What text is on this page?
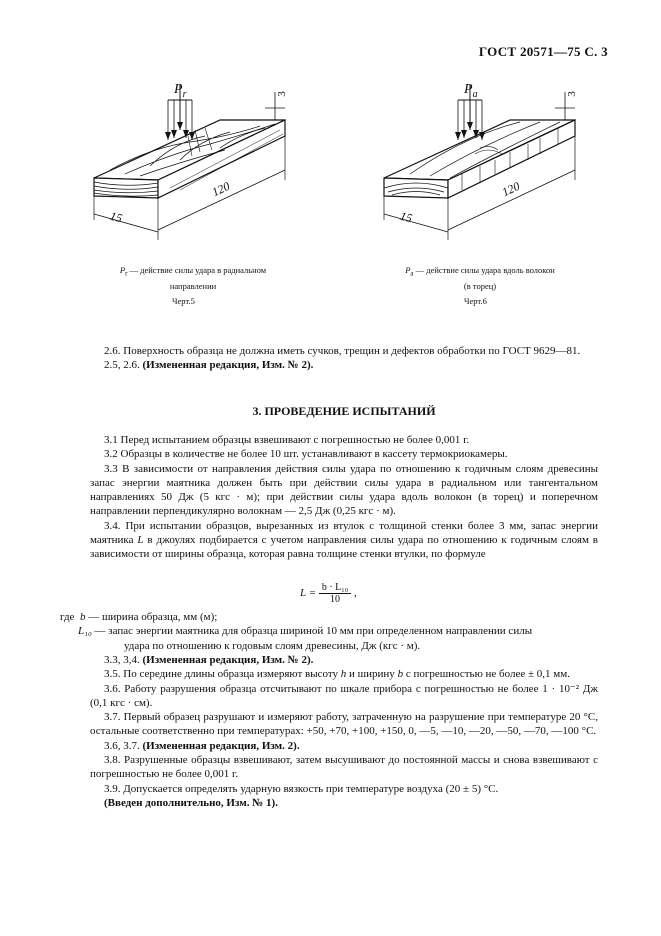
ГОСТ 20571—75 С. 3
$P_r$	3
120
15
$P_r$ — действие силы удара в радиальном
направлении
Черт.5
$P_a$	3
120
15
$P_a$ — действие силы удара вдоль волокон
(в торец)
Черт.6

2.6. Поверхность образца не должна иметь сучков, трещин и дефектов обработки по ГОСТ 9629—81.

2.5, 2.6. (Измененная редакция, Изм. № 2).

3. ПРОВЕДЕНИЕ ИСПЫТАНИЙ

3.1 Перед испытанием образцы взвешивают с погрешностью не более 0,001 г.

3.2 Образцы в количестве не более 10 шт. устанавливают в кассету термокриокамеры.

3.3 В зависимости от направления действия силы удара по отношению к годичным слоям древесины запас энергии маятника должен быть при действии силы удара в радиальном или тангентальном направлениях 50 Дж (5 кгс · м); при действии силы удара вдоль волокон (в торец) и поперечном направлении перпендикулярно волокнам — 2,5 Дж (0,25 кгс · м).

3.4. При испытании образцов, вырезанных из втулок с толщиной стенки более 3 мм, запас энергии маятника L в джоулях подбирается с учетом направления силы удара по отношению к годичным слоям в зависимости от ширины образца, которая равна толщине стенки втулки, по формуле

$L = \frac{\text{b · L₁₀}}{10}$ ,
где b — ширина образца, мм (м);
L₁₀ — запас энергии маятника для образца шириной 10 мм при определенном направлении силы
удара по отношению к годовым слоям древесины, Дж (кгс · м).

3.3, 3,4. (Измененная редакция, Изм. № 2).

3.5. По середине длины образца измеряют высоту h и ширину b с погрешностью не более ± 0,1 мм.

3.6. Работу разрушения образца отсчитывают по шкале прибора с погрешностью не более 1 · 10⁻² Дж (0,1 кгс · см).

3.7. Первый образец разрушают и измеряют работу, затраченную на разрушение при температуре 20 °С, остальные соответственно при температурах: +50, +70, +100, +150, 0, —5, —10, —20, —50, —70, —100 °С.

3.6, 3.7. (Измененная редакция, Изм. 2).

3.8. Разрушенные образцы взвешивают, затем высушивают до постоянной массы и снова взвешивают с погрешностью не более 0,001 г.

3.9. Допускается определять ударную вязкость при температуре воздуха (20 ± 5) °С.

(Введен дополнительно, Изм. № 1).
